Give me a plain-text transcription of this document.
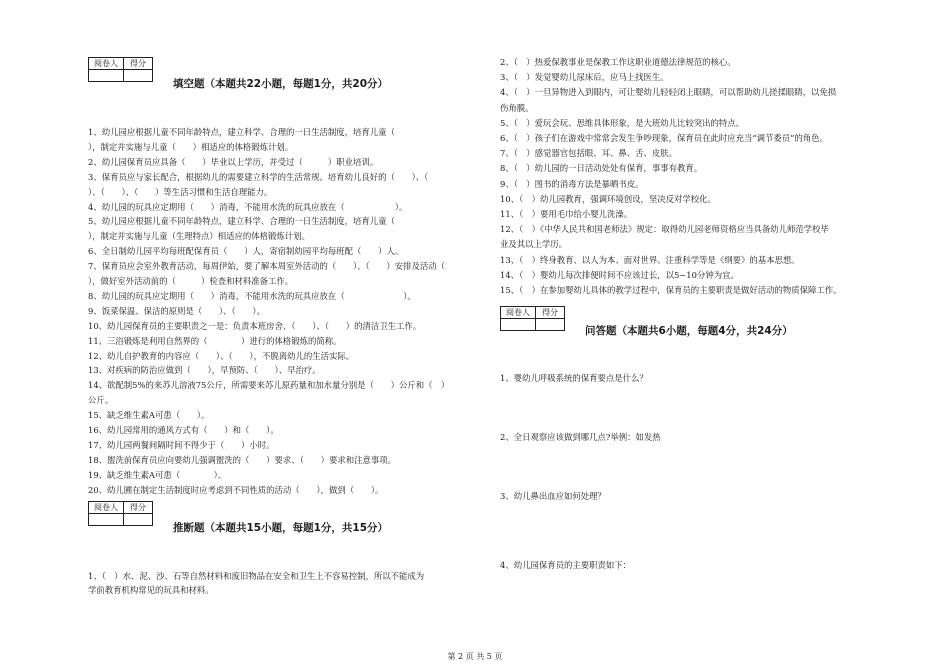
阅卷人	得分

填空题（本题共22小题，每题1分，共20分）
1、幼儿园应根据儿童不同年龄特点，建立科学、合理的一日生活制度，培育儿童（
），制定并实施与儿童（　　）相适应的体格锻炼计划。
2、幼儿园保育员应具备（　　）毕业以上学历，并受过（　　　）职业培训。
3、保育员应与家长配合，根据幼儿的需要建立科学的生活常规。培育幼儿良好的（　　）、（
）、（　　）、（　　）等生活习惯和生活自理能力。
4、幼儿园的玩具应定期用（　　）消毒，不能用水洗的玩具应放在（　　　　　　）。
5、幼儿园应根据儿童不同年龄特点，建立科学、合理的一日生活制度，培育儿童（
），制定并实施与儿童（生理特点）相适应的体格锻炼计划。
6、全日制幼儿园平均每班配保育员（　　）人，寄宿制幼园平均每班配（　　）人。
7、保育员应会室外教育活动，每周伊始，要了解本周室外活动的（　　）、（　　）安排及活动（
），做好室外活动前的（　　　）检查和材料准备工作。
8、幼儿园的玩具应定期用（　　）消毒，不能用水洗的玩具应放在（　　　　　　　）。
9、饭菜保温、保洁的原则是（　　）、（　　）。
10、幼儿园保育员的主要职责之一是：负责本班房舍、（　　）、（　　）的清洁卫生工作。
11、三浴锻炼是利用自然界的（　　　　）进行的体格锻炼的简称。
12、幼儿自护教育的内容应（　　）、（　　），不脱离幼儿的生活实际。
13、对疾病的防治应做到（　　），早预防、（　　）、早治疗。
14、欲配制5%的来苏儿溶液75公斤，所需要来苏儿原药量和加水量分别是（　　）公斤和（　）
公斤。
15、缺乏维生素A可患（　　）。
16、幼儿园常用的通风方式有（　　）和（　　）。
17、幼儿园两餐间隔时间不得少于（　　）小时。
18、盥洗前保育员应向要幼儿强调盥洗的（　　）要求、（　　）要求和注意事项。
19、缺乏维生素A可患（　　　　）。
20、幼儿圃在制定生活制度时应考虑到不同性质的活动（　　），做到（　　）。
阅卷人	得分

推断题（本题共15小题，每题1分，共15分）
1、（　）水、泥、沙、石等自然材料和废旧物品在安全和卫生上不容易控制，所以不能成为
学前教育机构常见的玩具和材料。
2、（　）热爱保教事业是保教工作这职业道德法律规范的核心。
3、（　）发觉婴幼儿尿床后，应马上找医生。
4、（　）一旦异物进入到眼内，可让婴幼儿轻轻闭上眼睛，可以帮助幼儿搓揉眼睛，以免损
伤角膜。
5、（　）爱玩会玩、思维具体形象，是大班幼儿比较突出的特点。
6、（　）孩子们在游戏中常常会发生争吵现象，保育员在此时应充当“调节委员”的角色。
7、（　）感觉器官包括眼、耳、鼻、舌、皮肤。
8、（　）幼儿园的一日活动处处有保育，事事有教育。
9、（　）图书的消毒方法是暴晒书皮。
10、（　）幼儿园教育，强调环境创设，坚决反对学校化。
11、（　）要用毛巾给小婴儿洗澡。
12、（　）《中华人民共和国老师法》规定：取得幼儿园老师资格应当具备幼儿师范学校毕
业及其以上学历。
13、（　）终身教育、以人为本、面对世界、注重科学等是《纲要》的基本思想。
14、（　）婴幼儿每次排便时间不应该过长，以5~10分钟为宜。
15、（　）在参加婴幼儿具体的教学过程中，保育员的主要职责是做好活动的物质保障工作。
阅卷人	得分

问答题（本题共6小题，每题4分，共24分）
1、婴幼儿呼吸系统的保育要点是什么？
2、全日观察应该做到哪几点?举例：如发热
3、幼儿鼻出血应如何处理？
4、幼儿园保育员的主要职责如下：
第 2 页 共 5 页
